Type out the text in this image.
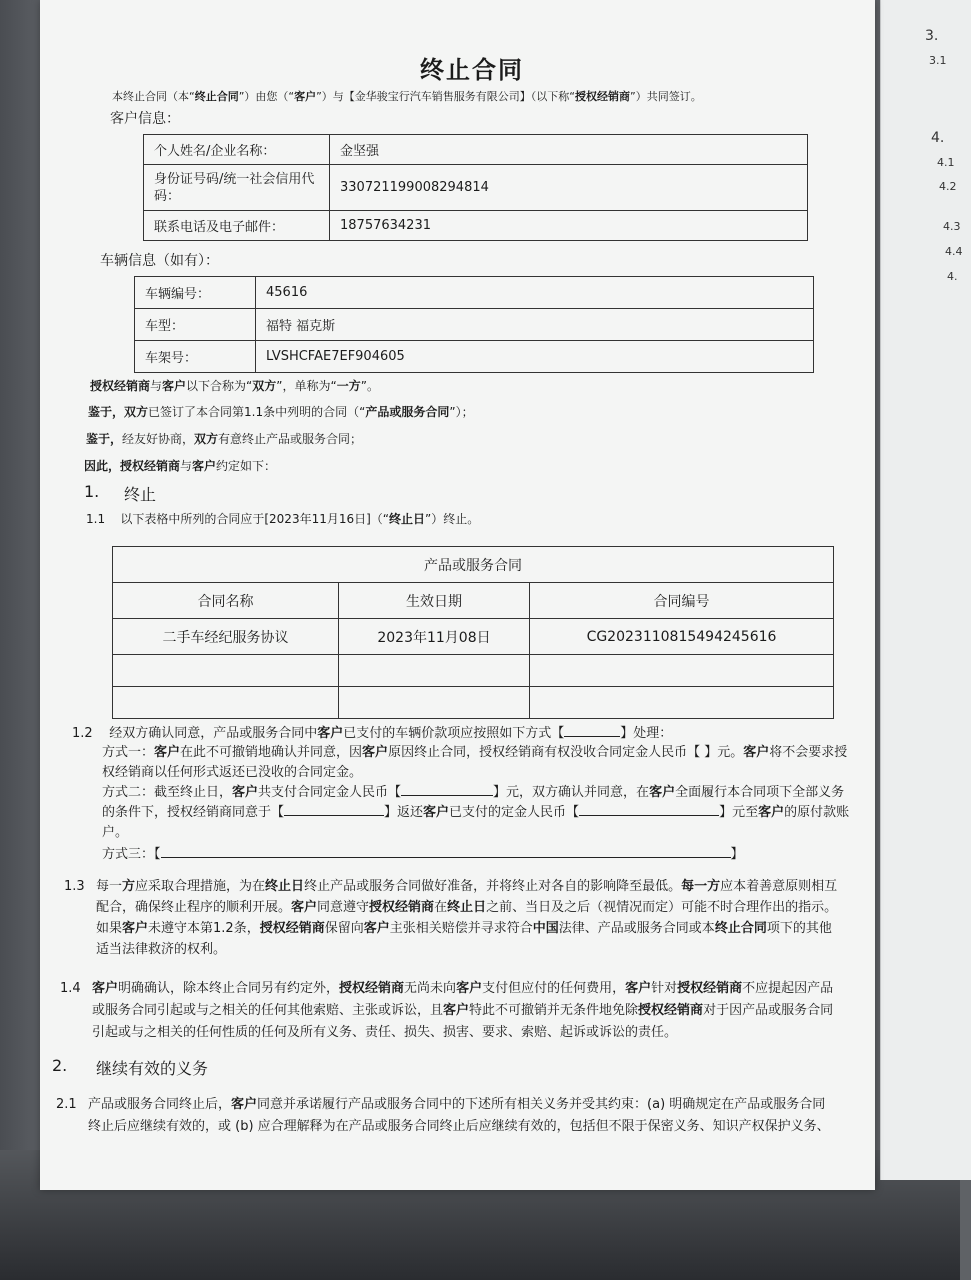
3.
3.1
4.
4.1
4.2
4.3
4.4
4.
终止合同
本终止合同（本“终止合同”）由您（“客户”）与【金华骏宝行汽车销售服务有限公司】（以下称“授权经销商”）共同签订。
客户信息：
个人姓名/企业名称：	金坚强
身份证号码/统一社会信用代码：	330721199008294814
联系电话及电子邮件：	18757634231
车辆信息（如有）：
车辆编号：	45616
车型：	福特 福克斯
车架号：	LVSHCFAE7EF904605
授权经销商与客户以下合称为“双方”，单称为“一方”。
鉴于，双方已签订了本合同第1.1条中列明的合同（“产品或服务合同”）；
鉴于，经友好协商，双方有意终止产品或服务合同；
因此，授权经销商与客户约定如下：
1. 终止
1.1 以下表格中所列的合同应于[2023年11月16日]（“终止日”）终止。
产品或服务合同		
合同名称	生效日期	合同编号
二手车经纪服务协议	2023年11月08日	CG2023110815494245616

1.2 经双方确认同意，产品或服务合同中客户已支付的车辆价款项应按照如下方式【	】处理：
方式一：客户在此不可撤销地确认并同意，因客户原因终止合同，授权经销商有权没收合同定金人民币【 】元。客户将不会要求授
权经销商以任何形式返还已没收的合同定金。
方式二：截至终止日，客户共支付合同定金人民币【	】元，双方确认并同意，在客户全面履行本合同项下全部义务
的条件下，授权经销商同意于【	】返还客户已支付的定金人民币【	】元至客户的原付款账
户。
方式三：【	】
1.3 每一方应采取合理措施，为在终止日终止产品或服务合同做好准备，并将终止对各自的影响降至最低。每一方应本着善意原则相互
配合，确保终止程序的顺利开展。客户同意遵守授权经销商在终止日之前、当日及之后（视情况而定）可能不时合理作出的指示。
如果客户未遵守本第1.2条，授权经销商保留向客户主张相关赔偿并寻求符合中国法律、产品或服务合同或本终止合同项下的其他
适当法律救济的权利。
1.4 客户明确确认，除本终止合同另有约定外，授权经销商无尚未向客户支付但应付的任何费用，客户针对授权经销商不应提起因产品
或服务合同引起或与之相关的任何其他索赔、主张或诉讼，且客户特此不可撤销并无条件地免除授权经销商对于因产品或服务合同
引起或与之相关的任何性质的任何及所有义务、责任、损失、损害、要求、索赔、起诉或诉讼的责任。
2. 继续有效的义务
2.1 产品或服务合同终止后，客户同意并承诺履行产品或服务合同中的下述所有相关义务并受其约束：(a) 明确规定在产品或服务合同
终止后应继续有效的，或 (b) 应合理解释为在产品或服务合同终止后应继续有效的，包括但不限于保密义务、知识产权保护义务、
